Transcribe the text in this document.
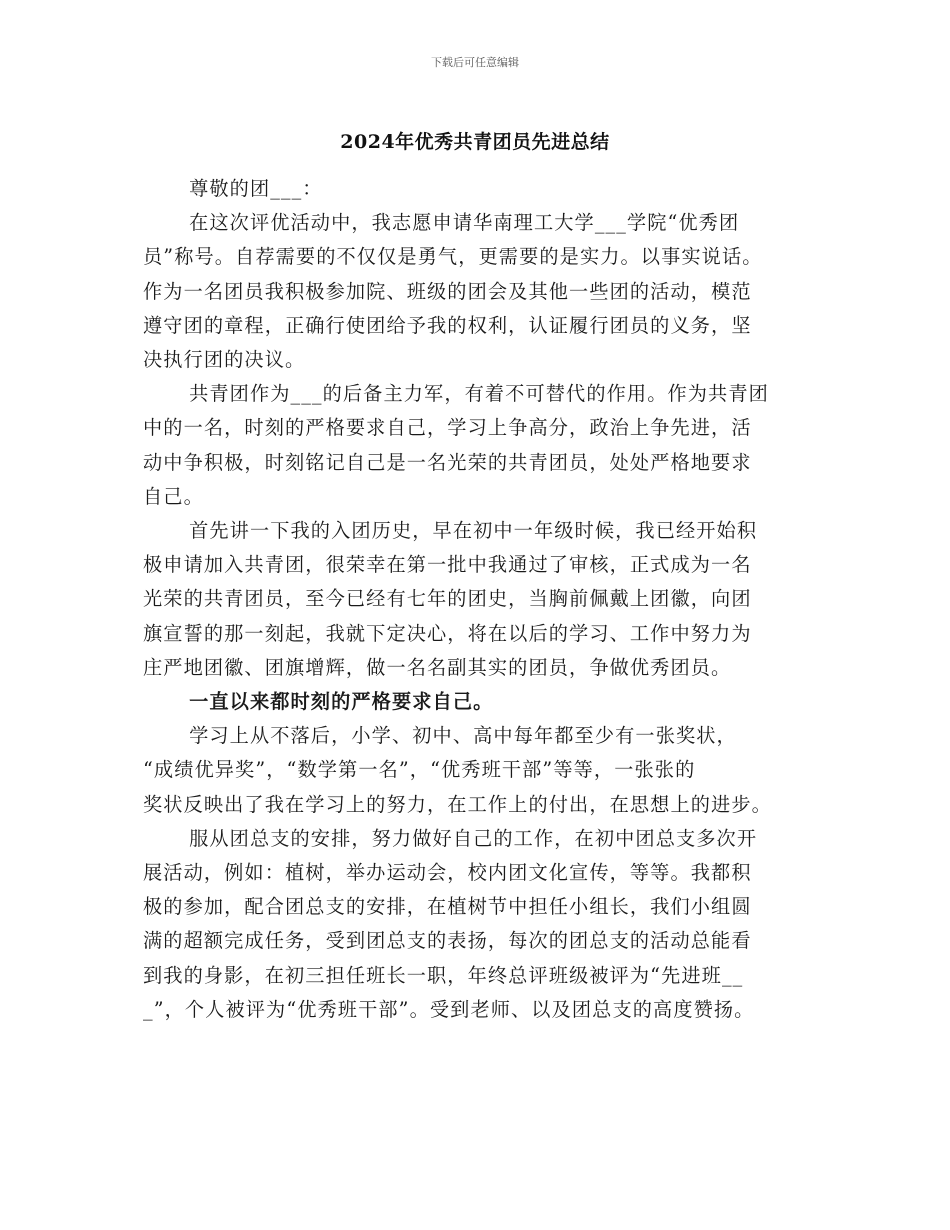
下载后可任意编辑
2024年优秀共青团员先进总结

尊敬的团___：

在这次评优活动中，我志愿申请华南理工大学___学院“优秀团
员”称号。自荐需要的不仅仅是勇气，更需要的是实力。以事实说话。
作为一名团员我积极参加院、班级的团会及其他一些团的活动，模范
遵守团的章程，正确行使团给予我的权利，认证履行团员的义务，坚
决执行团的决议。

共青团作为___的后备主力军，有着不可替代的作用。作为共青团
中的一名，时刻的严格要求自己，学习上争高分，政治上争先进，活
动中争积极，时刻铭记自己是一名光荣的共青团员，处处严格地要求
自己。

首先讲一下我的入团历史，早在初中一年级时候，我已经开始积
极申请加入共青团，很荣幸在第一批中我通过了审核，正式成为一名
光荣的共青团员，至今已经有七年的团史，当胸前佩戴上团徽，向团
旗宣誓的那一刻起，我就下定决心，将在以后的学习、工作中努力为
庄严地团徽、团旗增辉，做一名名副其实的团员，争做优秀团员。

一直以来都时刻的严格要求自己。

学习上从不落后，小学、初中、高中每年都至少有一张奖状，
“成绩优异奖”，“数学第一名”，“优秀班干部”等等，一张张的
奖状反映出了我在学习上的努力，在工作上的付出，在思想上的进步。

服从团总支的安排，努力做好自己的工作，在初中团总支多次开
展活动，例如：植树，举办运动会，校内团文化宣传，等等。我都积
极的参加，配合团总支的安排，在植树节中担任小组长，我们小组圆
满的超额完成任务，受到团总支的表扬，每次的团总支的活动总能看
到我的身影，在初三担任班长一职，年终总评班级被评为“先进班__
_”，个人被评为“优秀班干部”。受到老师、以及团总支的高度赞扬。
